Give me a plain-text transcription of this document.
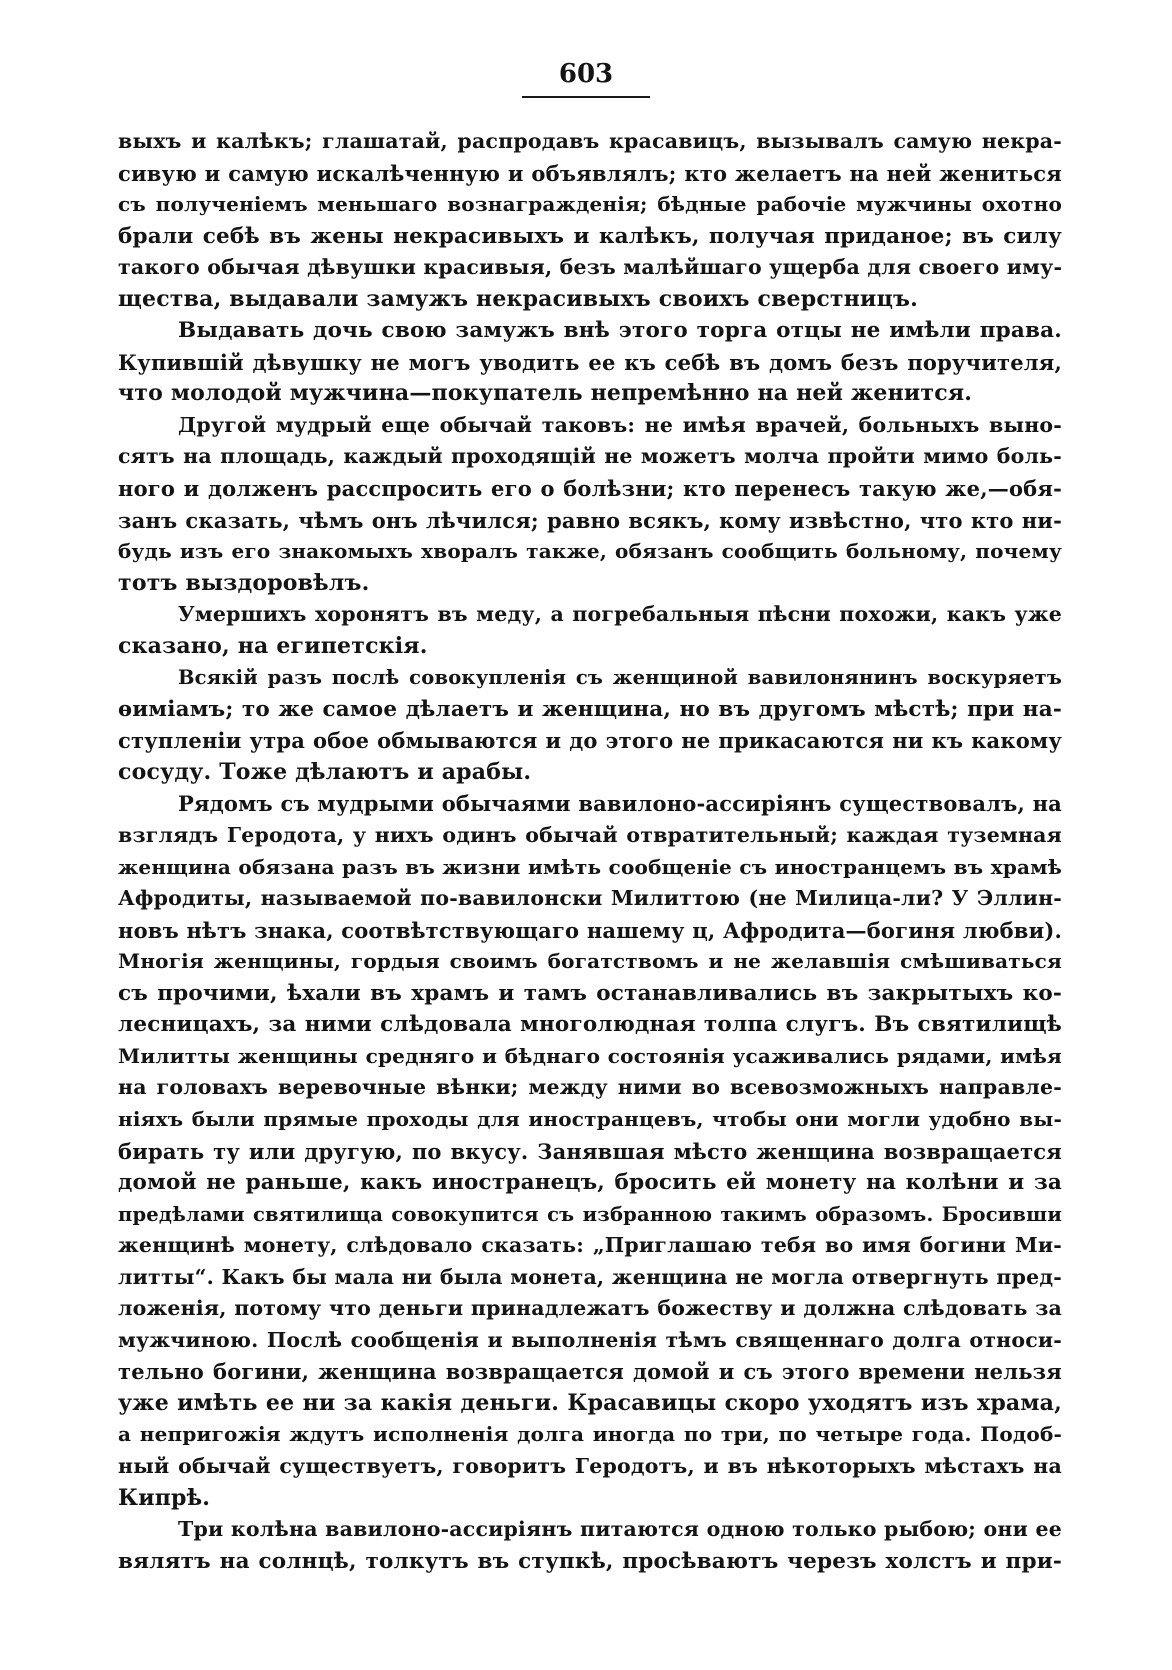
603
выхъ и калѣкъ; глашатай, распродавъ красавицъ, вызывалъ самую некра-
сивую и самую искалѣченную и объявлялъ; кто желаетъ на ней жениться
съ полученiемъ меньшаго вознагражденiя; бѣдные рабочiе мужчины охотно
брали себѣ въ жены некрасивыхъ и калѣкъ, получая приданое; въ силу
такого обычая дѣвушки красивыя, безъ малѣйшаго ущерба для своего иму-
щества, выдавали замужъ некрасивыхъ своихъ сверстницъ.
Выдавать дочь свою замужъ внѣ этого торга отцы не имѣли права.
Купившiй дѣвушку не могъ уводить ее къ себѣ въ домъ безъ поручителя,
что молодой мужчина—покупатель непремѣнно на ней женится.
Другой мудрый еще обычай таковъ: не имѣя врачей, больныхъ выно-
сятъ на площадь, каждый проходящiй не можетъ молча пройти мимо боль-
ного и долженъ расспросить его о болѣзни; кто перенесъ такую же,—обя-
занъ сказать, чѣмъ онъ лѣчился; равно всякъ, кому извѣстно, что кто ни-
будь изъ его знакомыхъ хворалъ также, обязанъ сообщить больному, почему
тотъ выздоровѣлъ.
Умершихъ хоронятъ въ меду, а погребальныя пѣсни похожи, какъ уже
сказано, на египетскiя.
Всякiй разъ послѣ совокупленiя съ женщиной вавилонянинъ воскуряетъ
ѳимiамъ; то же самое дѣлаетъ и женщина, но въ другомъ мѣстѣ; при на-
ступленiи утра обое обмываются и до этого не прикасаются ни къ какому
сосуду. Тоже дѣлаютъ и арабы.
Рядомъ съ мудрыми обычаями вавилоно-ассирiянъ существовалъ, на
взглядъ Геродота, у нихъ одинъ обычай отвратительный; каждая туземная
женщина обязана разъ въ жизни имѣть сообщенiе съ иностранцемъ въ храмѣ
Афродиты, называемой по-вавилонски Милиттою (не Милица-ли? У Эллин-
новъ нѣтъ знака, соотвѣтствующаго нашему ц, Афродита—богиня любви).
Многiя женщины, гордыя своимъ богатствомъ и не желавшiя смѣшиваться
съ прочими, ѣхали въ храмъ и тамъ останавливались въ закрытыхъ ко-
лесницахъ, за ними слѣдовала многолюдная толпа слугъ. Въ святилищѣ
Милитты женщины средняго и бѣднаго состоянiя усаживались рядами, имѣя
на головахъ веревочные вѣнки; между ними во всевозможныхъ направле-
нiяхъ были прямые проходы для иностранцевъ, чтобы они могли удобно вы-
бирать ту или другую, по вкусу. Занявшая мѣсто женщина возвращается
домой не раньше, какъ иностранецъ, бросить ей монету на колѣни и за
предѣлами святилища совокупится съ избранною такимъ образомъ. Бросивши
женщинѣ монету, слѣдовало сказать: „Приглашаю тебя во имя богини Ми-
литты“. Какъ бы мала ни была монета, женщина не могла отвергнуть пред-
ложенiя, потому что деньги принадлежатъ божеству и должна слѣдовать за
мужчиною. Послѣ сообщенiя и выполненiя тѣмъ священнаго долга относи-
тельно богини, женщина возвращается домой и съ этого времени нельзя
уже имѣть ее ни за какiя деньги. Красавицы скоро уходятъ изъ храма,
а непригожiя ждутъ исполненiя долга иногда по три, по четыре года. Подоб-
ный обычай существуетъ, говоритъ Геродотъ, и въ нѣкоторыхъ мѣстахъ на
Кипрѣ.
Три колѣна вавилоно-ассирiянъ питаются одною только рыбою; они ее
вялятъ на солнцѣ, толкутъ въ ступкѣ, просѣваютъ черезъ холстъ и при-
